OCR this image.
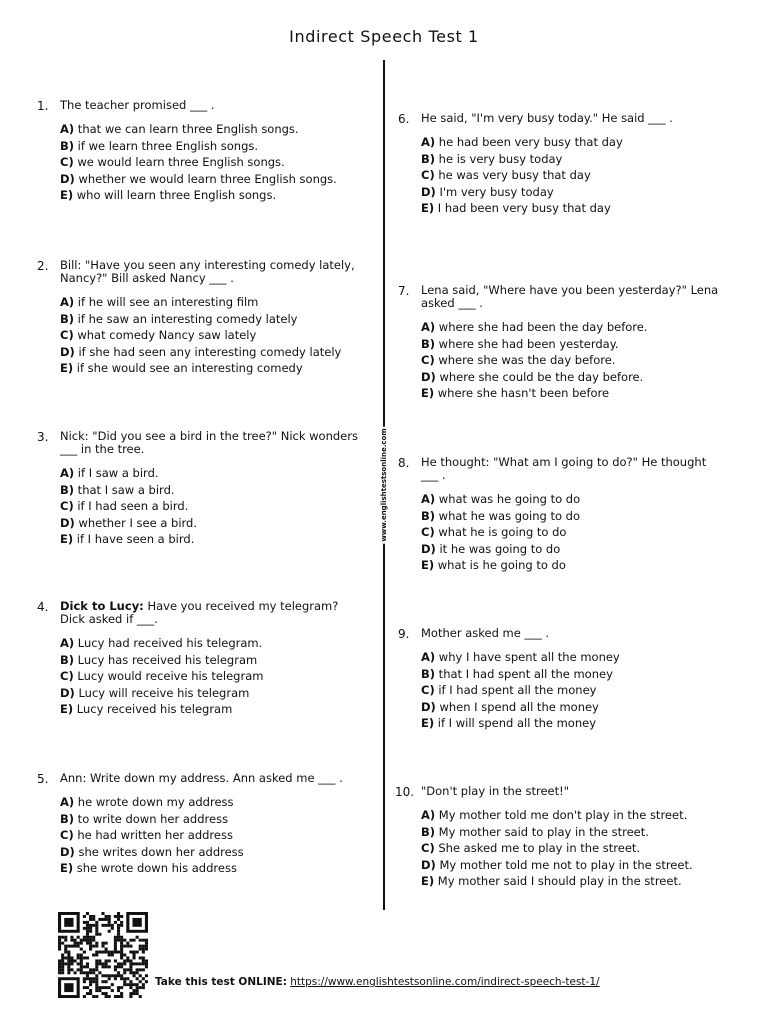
Indirect Speech Test 1
www.englishtestsonline.com
1. The teacher promised ___ .

A) that we can learn three English songs.

B) if we learn three English songs.

C) we would learn three English songs.

D) whether we would learn three English songs.

E) who will learn three English songs.

2. Bill: "Have you seen any interesting comedy lately, Nancy?" Bill asked Nancy ___ .

A) if he will see an interesting film

B) if he saw an interesting comedy lately

C) what comedy Nancy saw lately

D) if she had seen any interesting comedy lately

E) if she would see an interesting comedy

3. Nick: "Did you see a bird in the tree?" Nick wonders ___ in the tree.

A) if I saw a bird.

B) that I saw a bird.

C) if I had seen a bird.

D) whether I see a bird.

E) if I have seen a bird.

4. Dick to Lucy: Have you received my telegram? Dick asked if ___.

A) Lucy had received his telegram.

B) Lucy has received his telegram

C) Lucy would receive his telegram

D) Lucy will receive his telegram

E) Lucy received his telegram

5. Ann: Write down my address. Ann asked me ___ .

A) he wrote down my address

B) to write down her address

C) he had written her address

D) she writes down her address

E) she wrote down his address

6. He said, "I'm very busy today." He said ___ .

A) he had been very busy that day

B) he is very busy today

C) he was very busy that day

D) I'm very busy today

E) I had been very busy that day

7. Lena said, "Where have you been yesterday?" Lena asked ___ .

A) where she had been the day before.

B) where she had been yesterday.

C) where she was the day before.

D) where she could be the day before.

E) where she hasn't been before

8. He thought: "What am I going to do?" He thought ___ .

A) what was he going to do

B) what he was going to do

C) what he is going to do

D) it he was going to do

E) what is he going to do

9. Mother asked me ___ .

A) why I have spent all the money

B) that I had spent all the money

C) if I had spent all the money

D) when I spend all the money

E) if I will spend all the money

10. "Don't play in the street!"

A) My mother told me don't play in the street.

B) My mother said to play in the street.

C) She asked me to play in the street.

D) My mother told me not to play in the street.

E) My mother said I should play in the street.

Take this test ONLINE: https://www.englishtestsonline.com/indirect-speech-test-1/
